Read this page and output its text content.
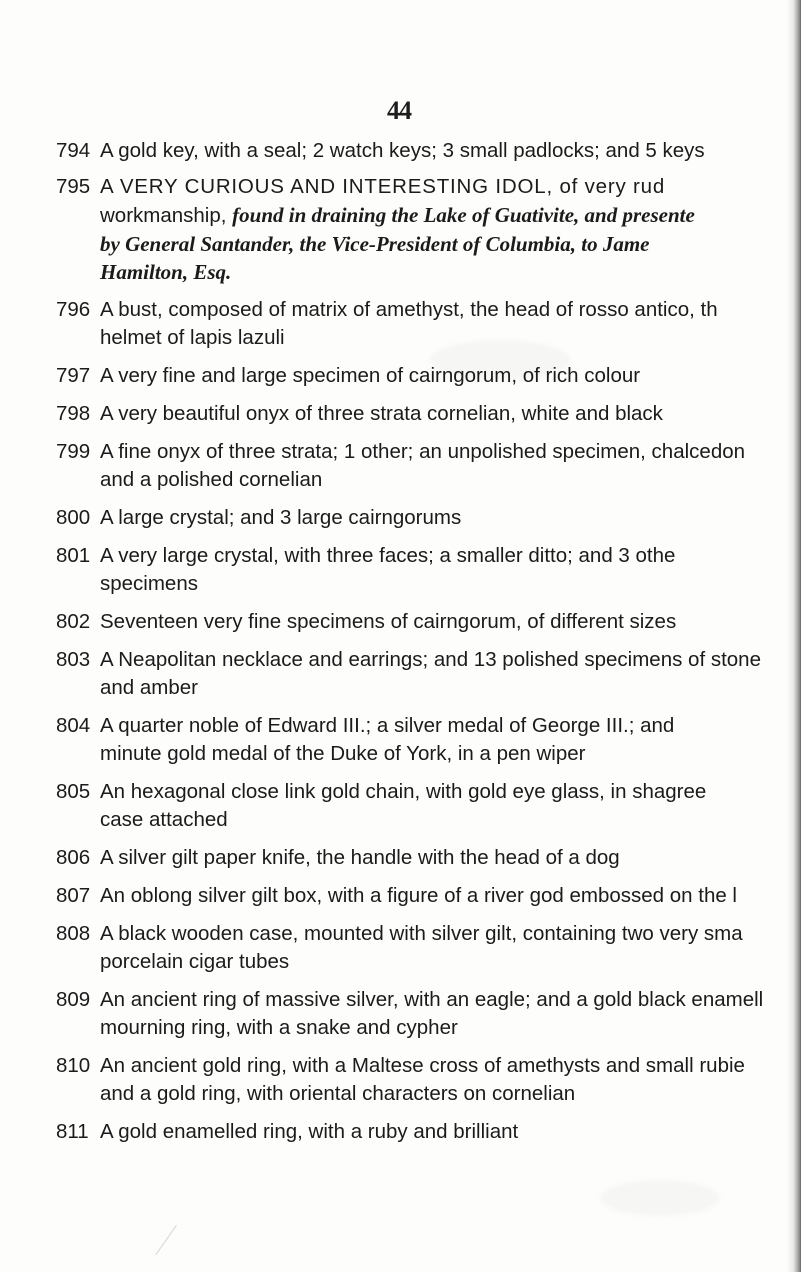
44
794 A gold key, with a seal; 2 watch keys; 3 small padlocks; and 5 keys
795 A VERY CURIOUS AND INTERESTING IDOL, of very rud
workmanship, found in draining the Lake of Guativite, and presente
by General Santander, the Vice-President of Columbia, to Jame
Hamilton, Esq.
796 A bust, composed of matrix of amethyst, the head of rosso antico, th
helmet of lapis lazuli
797 A very fine and large specimen of cairngorum, of rich colour
798 A very beautiful onyx of three strata cornelian, white and black
799 A fine onyx of three strata; 1 other; an unpolished specimen, chalcedon
and a polished cornelian
800 A large crystal; and 3 large cairngorums
801 A very large crystal, with three faces; a smaller ditto; and 3 othe
specimens
802 Seventeen very fine specimens of cairngorum, of different sizes
803 A Neapolitan necklace and earrings; and 13 polished specimens of stone
and amber
804 A quarter noble of Edward III.; a silver medal of George III.; and
minute gold medal of the Duke of York, in a pen wiper
805 An hexagonal close link gold chain, with gold eye glass, in shagree
case attached
806 A silver gilt paper knife, the handle with the head of a dog
807 An oblong silver gilt box, with a figure of a river god embossed on the l
808 A black wooden case, mounted with silver gilt, containing two very sma
porcelain cigar tubes
809 An ancient ring of massive silver, with an eagle; and a gold black enamell
mourning ring, with a snake and cypher
810 An ancient gold ring, with a Maltese cross of amethysts and small rubie
and a gold ring, with oriental characters on cornelian
811 A gold enamelled ring, with a ruby and brilliant
